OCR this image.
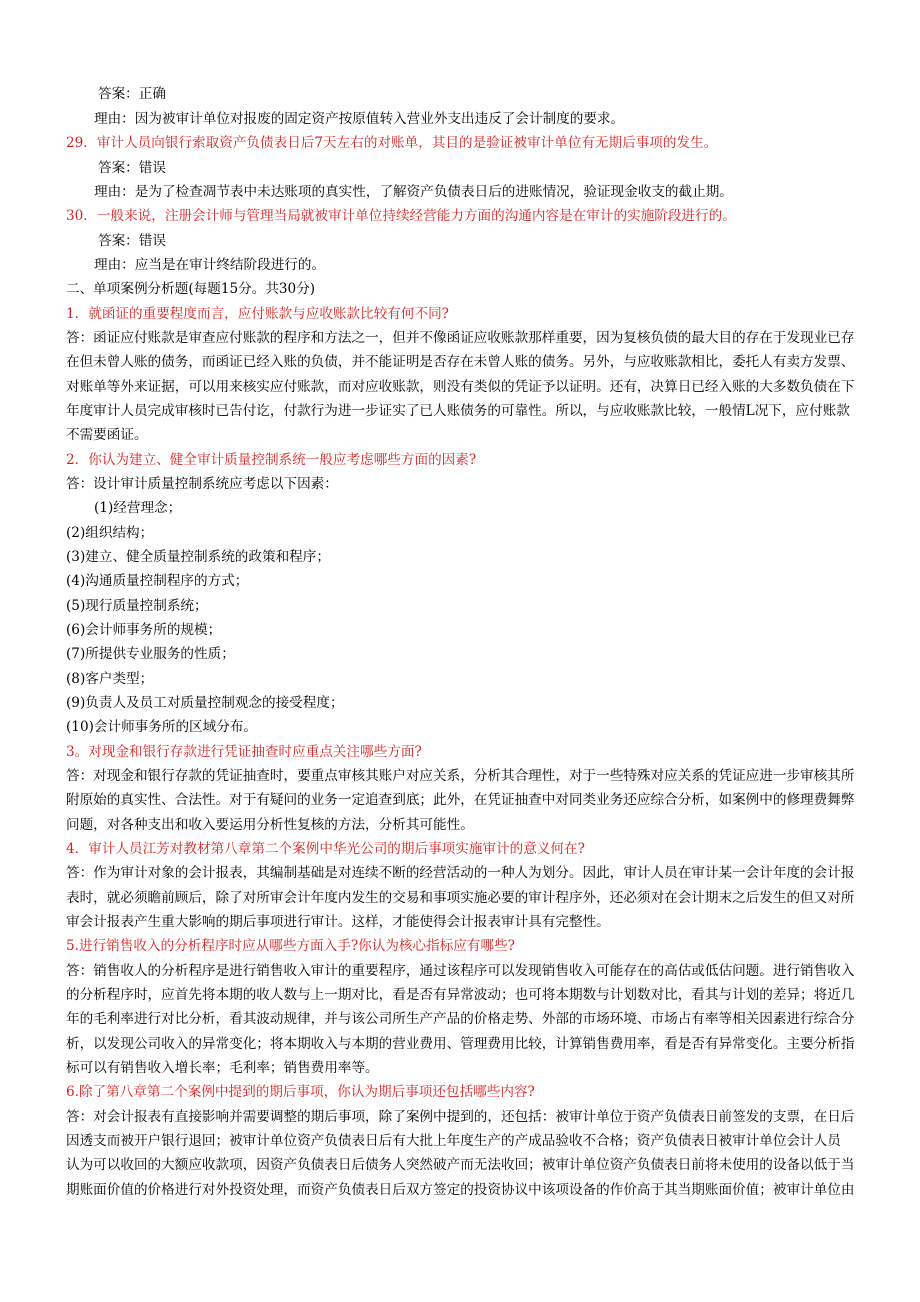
答案：正确
理由：因为被审计单位对报废的固定资产按原值转入营业外支出违反了会计制度的要求。
29．审计人员向银行索取资产负债表日后7天左右的对账单，其目的是验证被审计单位有无期后事项的发生。
答案：错误
理由：是为了检查凋节表中未达账项的真实性，了解资产负债表日后的进账情况，验证现金收支的截止期。
30．一般来说，注册会计师与管理当局就被审计单位持续经营能力方面的沟通内容是在审计的实施阶段进行的。
答案：错误
理由：应当是在审计终结阶段进行的。
二、单项案例分析题(每题15分。共30分)
1．就函证的重要程度而言，应付账款与应收账款比较有何不同?
答：函证应付账款是审查应付账款的程序和方法之一，但并不像函证应收账款那样重要，因为复核负债的最大目的存在于发现业已存
在但未曾人账的债务，而函证已经入账的负债，并不能证明是否存在未曾人账的债务。另外，与应收账款相比，委托人有卖方发票、
对账单等外来证据，可以用来核实应付账款，而对应收账款，则没有类似的凭证予以证明。还有，决算日已经入账的大多数负债在下
年度审计人员完成审核时已告付讫，付款行为进一步证实了已人账债务的可靠性。所以，与应收账款比较，一般情L况下，应付账款
不需要函证。
2．你认为建立、健全审计质量控制系统一般应考虑哪些方面的因素?
答：设计审计质量控制系统应考虑以下因素：
(1)经营理念；
(2)组织结构；
(3)建立、健全质量控制系统的政策和程序；
(4)沟通质量控制程序的方式；
(5)现行质量控制系统；
(6)会计师事务所的规模；
(7)所提供专业服务的性质；
(8)客户类型；
(9)负责人及员工对质量控制观念的接受程度；
(10)会计师事务所的区域分布。
3。对现金和银行存款进行凭证抽查时应重点关注哪些方面?
答：对现金和银行存款的凭证抽查时，要重点审核其账户对应关系，分析其合理性，对于一些特殊对应关系的凭证应进一步审核其所
附原始的真实性、合法性。对于有疑问的业务一定追查到底；此外，在凭证抽查中对同类业务还应综合分析，如案例中的修理费舞弊
问题，对各种支出和收入要运用分析性复核的方法，分析其可能性。
4．审计人员江芳对教材第八章第二个案例中华光公司的期后事项实施审计的意义何在?
答：作为审计对象的会计报表，其编制基础是对连续不断的经营活动的一种人为划分。因此，审计人员在审计某一会计年度的会计报
表时，就必须瞻前顾后，除了对所审会计年度内发生的交易和事项实施必要的审计程序外，还必须对在会计期末之后发生的但又对所
审会计报表产生重大影响的期后事项进行审计。这样，才能使得会计报表审计具有完整性。
5.进行销售收入的分析程序时应从哪些方面入手?你认为核心指标应有哪些?
答：销售收人的分析程序是进行销售收入审计的重要程序，通过该程序可以发现销售收入可能存在的高估或低估问题。进行销售收入
的分析程序时，应首先将本期的收人数与上一期对比，看是否有异常波动；也可将本期数与计划数对比，看其与计划的差异；将近几
年的毛利率进行对比分析，看其波动规律，并与该公司所生产产品的价格走势、外部的市场环境、市场占有率等相关因素进行综合分
析，以发现公司收入的异常变化；将本期收入与本期的营业费用、管理费用比较，计算销售费用率，看是否有异常变化。主要分析指
标可以有销售收入增长率；毛利率；销售费用率等。
6.除了第八章第二个案例中提到的期后事项，你认为期后事项还包括哪些内容?
答：对会计报表有直接影响并需要调整的期后事项，除了案例中提到的，还包括：被审计单位于资产负债表日前签发的支票，在日后
因透支而被开户银行退回；被审计单位资产负债表日后有大批上年度生产的产成品验收不合格；资产负债表日被审计单位会计人员
认为可以收回的大额应收款项，因资产负债表日后债务人突然破产而无法收回；被审计单位资产负债表日前将未使用的设备以低于当
期账面价值的价格进行对外投资处理，而资产负债表日后双方签定的投资协议中该项设备的作价高于其当期账面价值；被审计单位由
